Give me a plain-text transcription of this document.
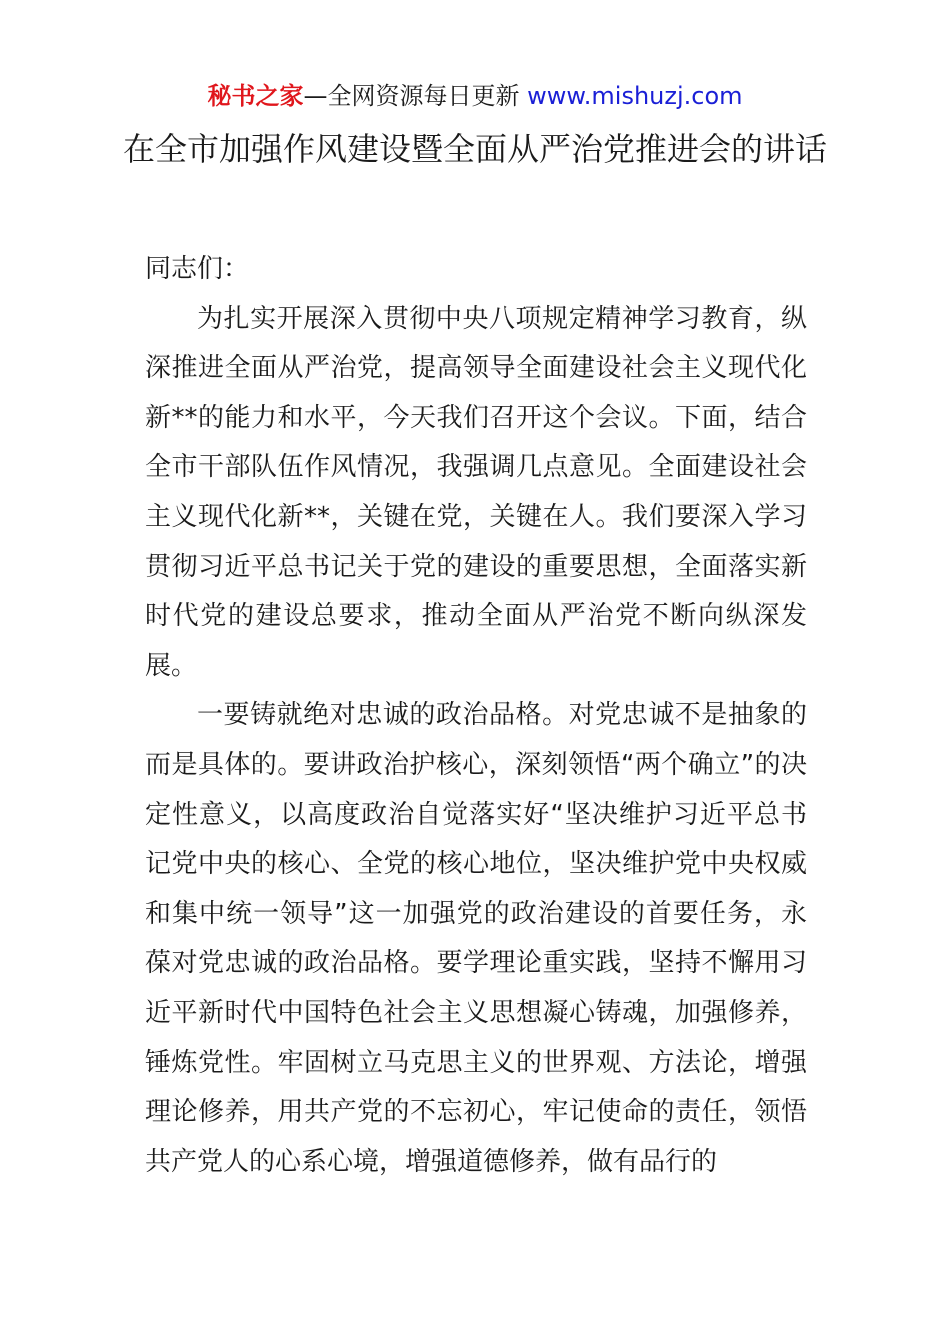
秘书之家—全网资源每日更新 www.mishuzj.com
在全市加强作风建设暨全面从严治党推进会的讲话

同志们：

为扎实开展深入贯彻中央八项规定精神学习教育，纵深推进全面从严治党，提高领导全面建设社会主义现代化新**的能力和水平，今天我们召开这个会议。下面，结合全市干部队伍作风情况，我强调几点意见。全面建设社会主义现代化新**，关键在党，关键在人。我们要深入学习贯彻习近平总书记关于党的建设的重要思想，全面落实新时代党的建设总要求，推动全面从严治党不断向纵深发展。

一要铸就绝对忠诚的政治品格。对党忠诚不是抽象的而是具体的。要讲政治护核心，深刻领悟“两个确立”的决定性意义，以高度政治自觉落实好“坚决维护习近平总书记党中央的核心、全党的核心地位，坚决维护党中央权威和集中统一领导”这一加强党的政治建设的首要任务，永葆对党忠诚的政治品格。要学理论重实践，坚持不懈用习近平新时代中国特色社会主义思想凝心铸魂，加强修养，锤炼党性。牢固树立马克思主义的世界观、方法论，增强理论修养，用共产党的不忘初心，牢记使命的责任，领悟共产党人的心系心境，增强道德修养，做有品行的
